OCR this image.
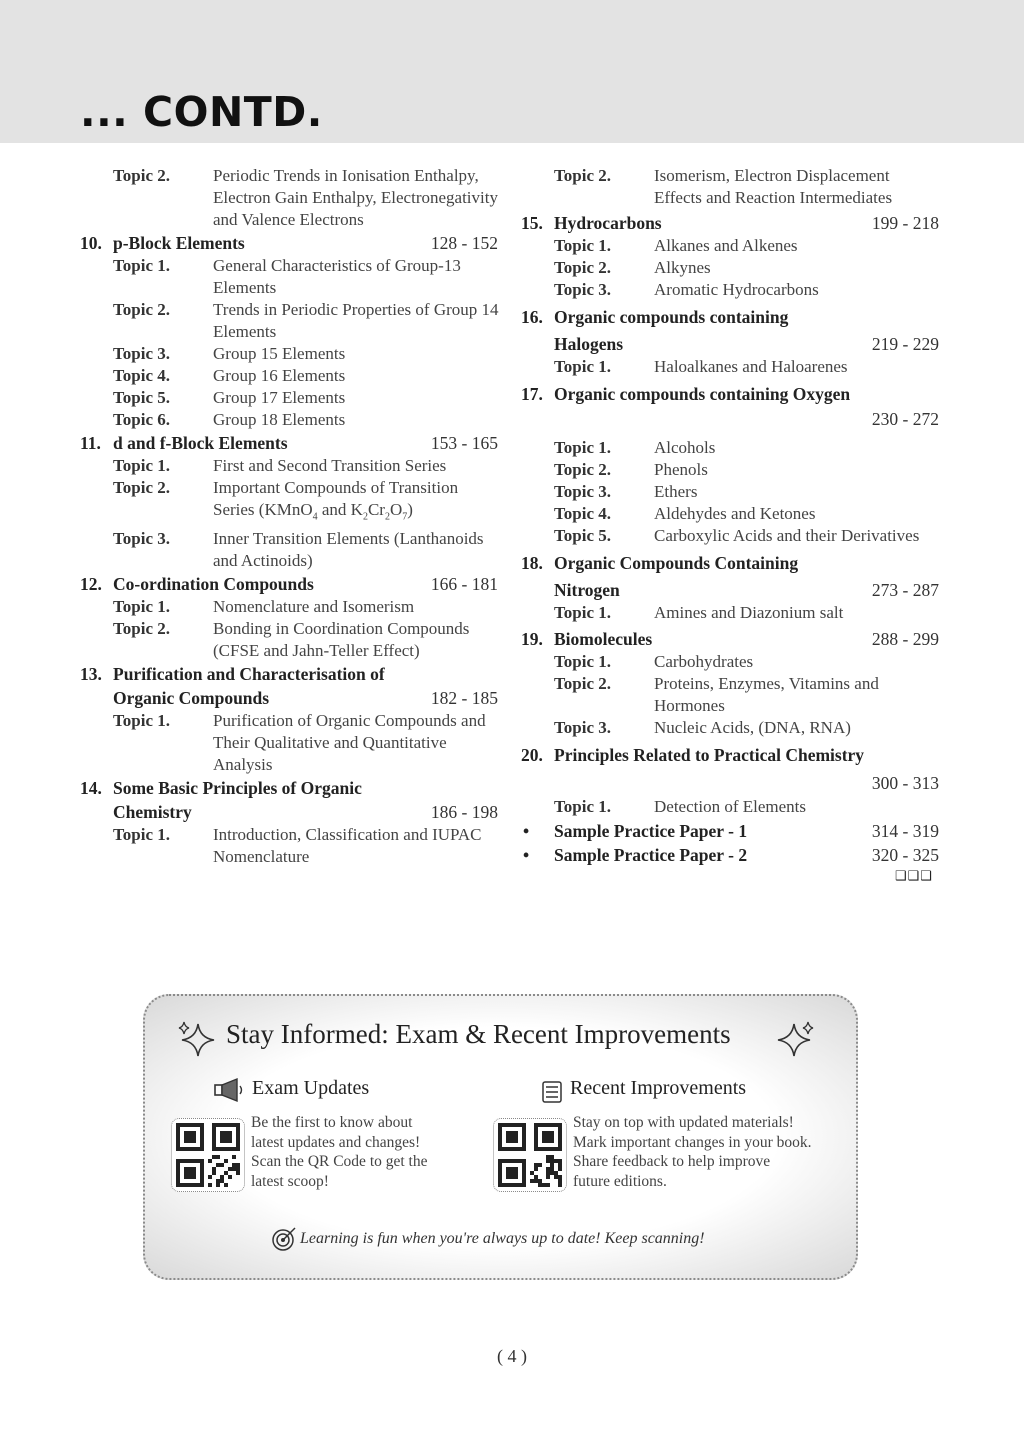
... CONTD.
Topic 2.	Periodic Trends in Ionisation Enthalpy, Electron Gain Enthalpy, Electronegativity and Valence Electrons
10. p-Block Elements	128 - 152
Topic 1.	General Characteristics of Group-13 Elements
Topic 2.	Trends in Periodic Properties of Group 14 Elements
Topic 3.	Group 15 Elements
Topic 4.	Group 16 Elements
Topic 5.	Group 17 Elements
Topic 6.	Group 18 Elements
11. d and f-Block Elements	153 - 165
Topic 1.	First and Second Transition Series
Topic 2.	Important Compounds of Transition Series (KMnO$_4$ and $K_2Cr_2O_7$)
Topic 3.	Inner Transition Elements (Lanthanoids and Actinoids)
12. Co-ordination Compounds	166 - 181
Topic 1.	Nomenclature and Isomerism
Topic 2.	Bonding in Coordination Compounds (CFSE and Jahn-Teller Effect)
13. Purification and Characterisation of
Organic Compounds	182 - 185
Topic 1.	Purification of Organic Compounds and Their Qualitative and Quantitative Analysis
14. Some Basic Principles of Organic
Chemistry	186 - 198
Topic 1.	Introduction, Classification and IUPAC Nomenclature
Topic 2.	Isomerism, Electron Displacement Effects and Reaction Intermediates
15. Hydrocarbons	199 - 218
Topic 1.	Alkanes and Alkenes
Topic 2.	Alkynes
Topic 3.	Aromatic Hydrocarbons
16. Organic compounds containing
Halogens	219 - 229
Topic 1.	Haloalkanes and Haloarenes
17. Organic compounds containing Oxygen
230 - 272
Topic 1.	Alcohols
Topic 2.	Phenols
Topic 3.	Ethers
Topic 4.	Aldehydes and Ketones
Topic 5.	Carboxylic Acids and their Derivatives
18. Organic Compounds Containing
Nitrogen	273 - 287
Topic 1.	Amines and Diazonium salt
19. Biomolecules	288 - 299
Topic 1.	Carbohydrates
Topic 2.	Proteins, Enzymes, Vitamins and Hormones
Topic 3.	Nucleic Acids, (DNA, RNA)
20. Principles Related to Practical Chemistry
300 - 313
Topic 1.	Detection of Elements
•	Sample Practice Paper - 1	314 - 319
•	Sample Practice Paper - 2	320 - 325
❑❑❑
Stay Informed: Exam & Recent Improvements
Exam Updates
Be the first to know about
latest updates and changes!
Scan the QR Code to get the
latest scoop!
Recent Improvements
Stay on top with updated materials!
Mark important changes in your book.
Share feedback to help improve
future editions.
Learning is fun when you're always up to date! Keep scanning!
( 4 )
